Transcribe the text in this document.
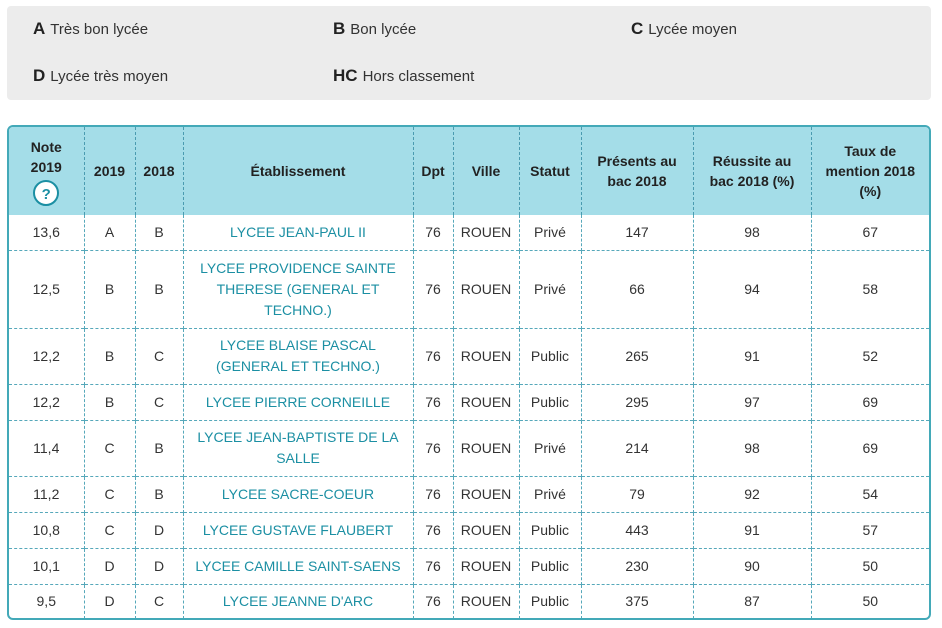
A Très bon lycée	B Bon lycée	C Lycée moyen
D Lycée très moyen	HC Hors classement
Note 2019
?	2019	2018	Établissement	Dpt	Ville	Statut	Présents au bac 2018	Réussite au bac 2018 (%)	Taux de mention 2018 (%)
13,6	A	B	LYCEE JEAN-PAUL II	76	ROUEN	Privé	147	98	67
12,5	B	B	LYCEE PROVIDENCE SAINTE THERESE (GENERAL ET TECHNO.)	76	ROUEN	Privé	66	94	58
12,2	B	C	LYCEE BLAISE PASCAL (GENERAL ET TECHNO.)	76	ROUEN	Public	265	91	52
12,2	B	C	LYCEE PIERRE CORNEILLE	76	ROUEN	Public	295	97	69
11,4	C	B	LYCEE JEAN-BAPTISTE DE LA SALLE	76	ROUEN	Privé	214	98	69
11,2	C	B	LYCEE SACRE-COEUR	76	ROUEN	Privé	79	92	54
10,8	C	D	LYCEE GUSTAVE FLAUBERT	76	ROUEN	Public	443	91	57
10,1	D	D	LYCEE CAMILLE SAINT-SAENS	76	ROUEN	Public	230	90	50
9,5	D	C	LYCEE JEANNE D'ARC	76	ROUEN	Public	375	87	50
